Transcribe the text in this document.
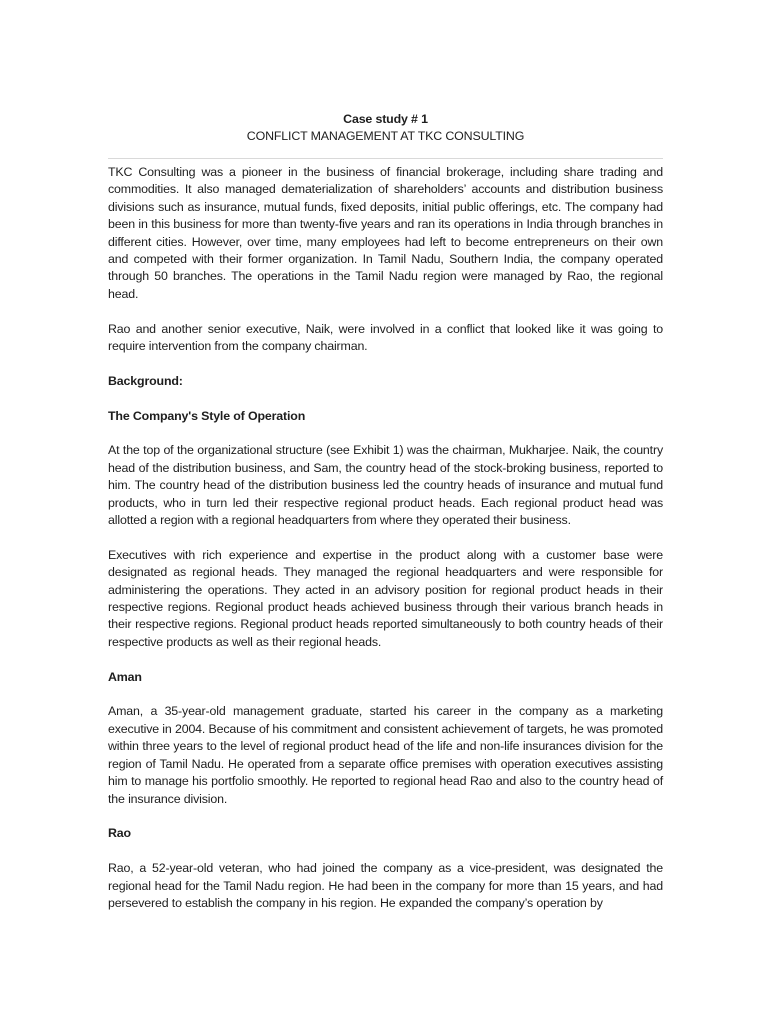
Case study # 1
CONFLICT MANAGEMENT AT TKC CONSULTING

TKC Consulting was a pioneer in the business of financial brokerage, including share trading and commodities. It also managed dematerialization of shareholders’ accounts and distribution business divisions such as insurance, mutual funds, fixed deposits, initial public offerings, etc. The company had been in this business for more than twenty-five years and ran its operations in India through branches in different cities. However, over time, many employees had left to become entrepreneurs on their own and competed with their former organization. In Tamil Nadu, Southern India, the company operated through 50 branches. The operations in the Tamil Nadu region were managed by Rao, the regional head.

Rao and another senior executive, Naik, were involved in a conflict that looked like it was going to require intervention from the company chairman.

Background:
The Company's Style of Operation

At the top of the organizational structure (see Exhibit 1) was the chairman, Mukharjee. Naik, the country head of the distribution business, and Sam, the country head of the stock-broking business, reported to him. The country head of the distribution business led the country heads of insurance and mutual fund products, who in turn led their respective regional product heads. Each regional product head was allotted a region with a regional headquarters from where they operated their business.

Executives with rich experience and expertise in the product along with a customer base were designated as regional heads. They managed the regional headquarters and were responsible for administering the operations. They acted in an advisory position for regional product heads in their respective regions. Regional product heads achieved business through their various branch heads in their respective regions. Regional product heads reported simultaneously to both country heads of their respective products as well as their regional heads.

Aman

Aman, a 35-year-old management graduate, started his career in the company as a marketing executive in 2004. Because of his commitment and consistent achievement of targets, he was promoted within three years to the level of regional product head of the life and non-life insurances division for the region of Tamil Nadu. He operated from a separate office premises with operation executives assisting him to manage his portfolio smoothly. He reported to regional head Rao and also to the country head of the insurance division.

Rao

Rao, a 52-year-old veteran, who had joined the company as a vice-president, was designated the regional head for the Tamil Nadu region. He had been in the company for more than 15 years, and had persevered to establish the company in his region. He expanded the company’s operation by
